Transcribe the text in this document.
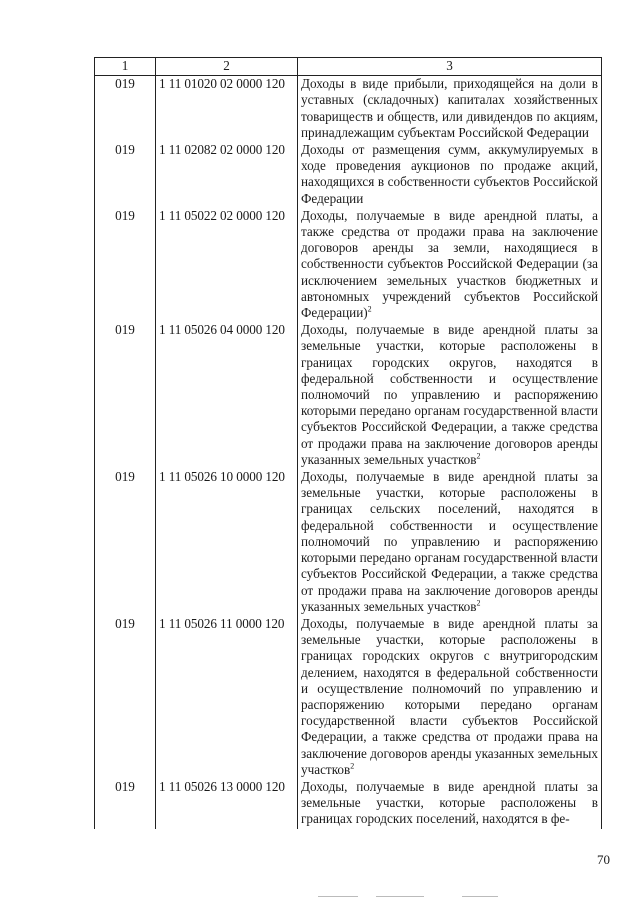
1	2	3
019	1 11 01020 02 0000 120	Доходы в виде прибыли, приходящейся на доли в уставных (складочных) капиталах хозяйственных товариществ и обществ, или дивидендов по акциям, принадлежащим субъектам Российской Федерации
019	1 11 02082 02 0000 120	Доходы от размещения сумм, аккумулируемых в ходе проведения аукционов по продаже акций, находящихся в собственности субъектов Российской Федерации
019	1 11 05022 02 0000 120	Доходы, получаемые в виде арендной платы, а также средства от продажи права на заключение договоров аренды за земли, находящиеся в собственности субъектов Российской Федерации (за исключением земельных участков бюджетных и автономных учреждений субъектов Российской Федерации)$^2$
019	1 11 05026 04 0000 120	Доходы, получаемые в виде арендной платы за земельные участки, которые расположены в границах городских округов, находятся в федеральной собственности и осуществление полномочий по управлению и распоряжению которыми передано органам государственной власти субъектов Российской Федерации, а также средства от продажи права на заключение договоров аренды указанных земельных участков$^2$
019	1 11 05026 10 0000 120	Доходы, получаемые в виде арендной платы за земельные участки, которые расположены в границах сельских поселений, находятся в федеральной собственности и осуществление полномочий по управлению и распоряжению которыми передано органам государственной власти субъектов Российской Федерации, а также средства от продажи права на заключение договоров аренды указанных земельных участков$^2$
019	1 11 05026 11 0000 120	Доходы, получаемые в виде арендной платы за земельные участки, которые расположены в границах городских округов с внутригородским делением, находятся в федеральной собственности и осуществление полномочий по управлению и распоряжению которыми передано органам государственной власти субъектов Российской Федерации, а также средства от продажи права на заключение договоров аренды указанных земельных участков$^2$
019	1 11 05026 13 0000 120	Доходы, получаемые в виде арендной платы за земельные участки, которые расположены в границах городских поселений, находятся в фе-
70
